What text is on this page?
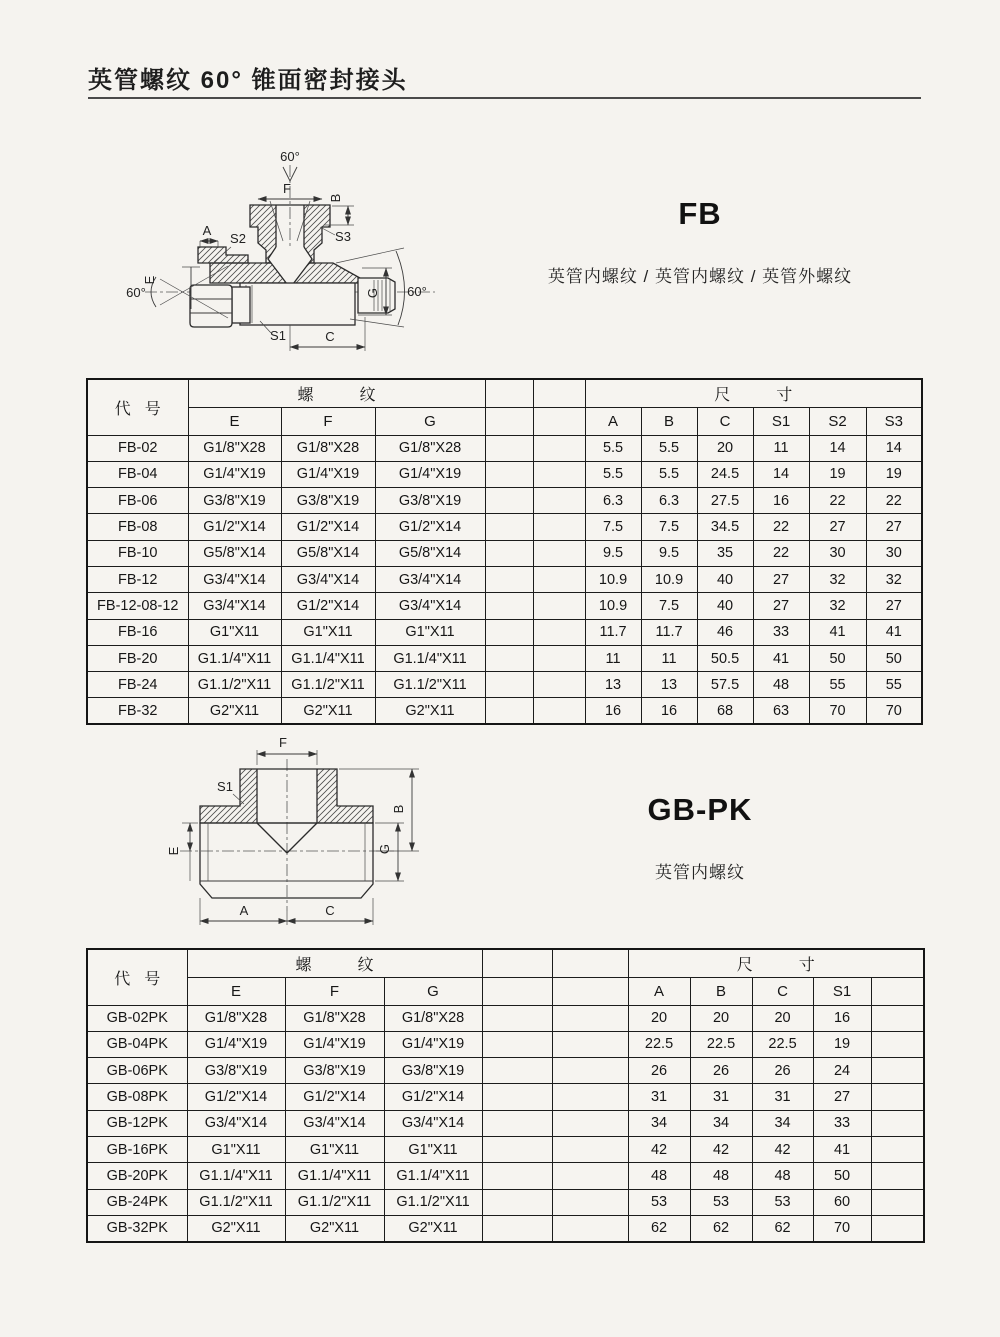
英管螺纹 60° 锥面密封接头
60°
F
B
S3
A
S2
E
60°	G 60°
S1	C
FB
英管内螺纹 / 英管内螺纹 / 英管外螺纹
代号	螺纹					尺寸					
	E	F	G			A	B	C	S1	S2	S3
FB-02	G1/8"X28	G1/8"X28	G1/8"X28			5.5	5.5	20	11	14	14
FB-04	G1/4"X19	G1/4"X19	G1/4"X19			5.5	5.5	24.5	14	19	19
FB-06	G3/8"X19	G3/8"X19	G3/8"X19			6.3	6.3	27.5	16	22	22
FB-08	G1/2"X14	G1/2"X14	G1/2"X14			7.5	7.5	34.5	22	27	27
FB-10	G5/8"X14	G5/8"X14	G5/8"X14			9.5	9.5	35	22	30	30
FB-12	G3/4"X14	G3/4"X14	G3/4"X14			10.9	10.9	40	27	32	32
FB-12-08-12	G3/4"X14	G1/2"X14	G3/4"X14			10.9	7.5	40	27	32	27
FB-16	G1"X11	G1"X11	G1"X11			11.7	11.7	46	33	41	41
FB-20	G1.1/4"X11	G1.1/4"X11	G1.1/4"X11			11	11	50.5	41	50	50
FB-24	G1.1/2"X11	G1.1/2"X11	G1.1/2"X11			13	13	57.5	48	55	55
FB-32	G2"X11	G2"X11	G2"X11			16	16	68	63	70	70
F
S1
B
G
E
A	C
GB-PK
英管内螺纹
代号	螺纹					尺寸				
	E	F	G			A	B	C	S1	
GB-02PK	G1/8"X28	G1/8"X28	G1/8"X28			20	20	20	16	
GB-04PK	G1/4"X19	G1/4"X19	G1/4"X19			22.5	22.5	22.5	19	
GB-06PK	G3/8"X19	G3/8"X19	G3/8"X19			26	26	26	24	
GB-08PK	G1/2"X14	G1/2"X14	G1/2"X14			31	31	31	27	
GB-12PK	G3/4"X14	G3/4"X14	G3/4"X14			34	34	34	33	
GB-16PK	G1"X11	G1"X11	G1"X11			42	42	42	41	
GB-20PK	G1.1/4"X11	G1.1/4"X11	G1.1/4"X11			48	48	48	50	
GB-24PK	G1.1/2"X11	G1.1/2"X11	G1.1/2"X11			53	53	53	60	
GB-32PK	G2"X11	G2"X11	G2"X11			62	62	62	70	
